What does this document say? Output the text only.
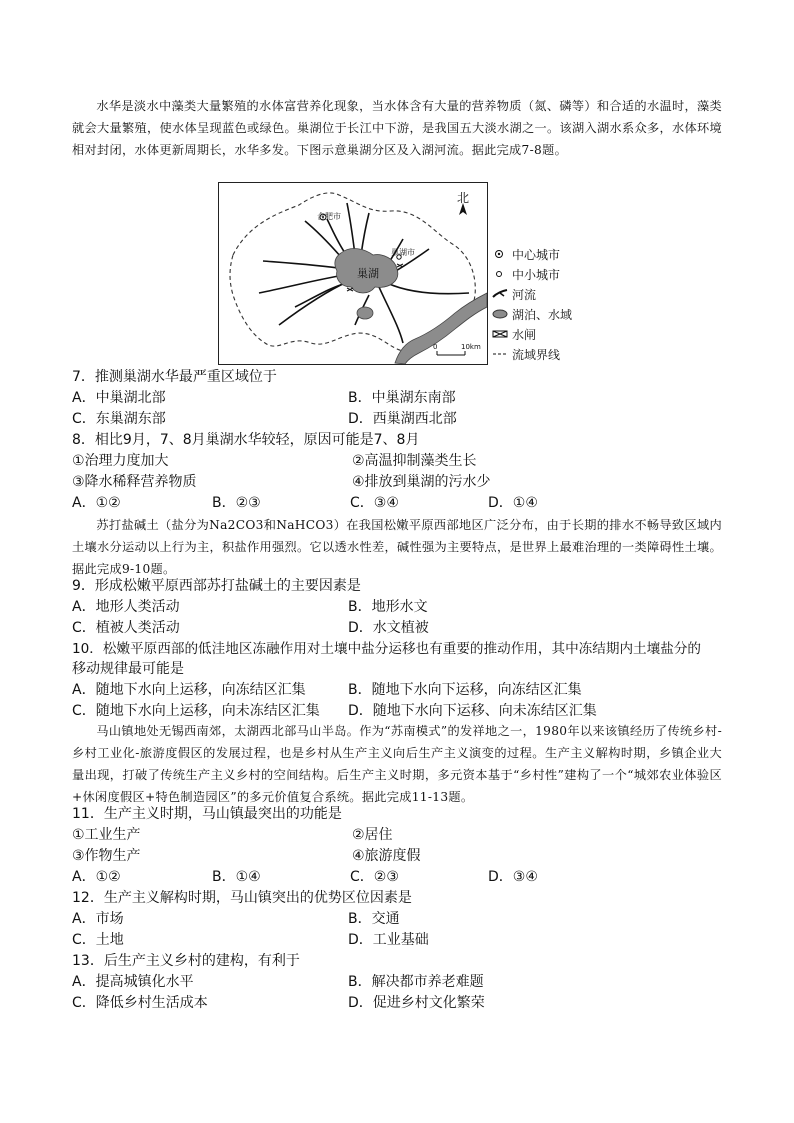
水华是淡水中藻类大量繁殖的水体富营养化现象，当水体含有大量的营养物质（氮、磷等）和合适的水温时，藻类就会大量繁殖，使水体呈现蓝色或绿色。巢湖位于长江中下游，是我国五大淡水湖之一。该湖入湖水系众多，水体环境相对封闭，水体更新周期长，水华多发。下图示意巢湖分区及入湖河流。据此完成7-8题。
北
合肥市
巢湖市
巢湖
0	10km
中心城市
中小城市
河流
湖泊、水域
水闸
流域界线
7．推测巢湖水华最严重区域位于
A．中巢湖北部	B．中巢湖东南部
C．东巢湖东部	D．西巢湖西北部
8．相比9月，7、8月巢湖水华较轻，原因可能是7、8月
①治理力度加大	②高温抑制藻类生长
③降水稀释营养物质	④排放到巢湖的污水少
A．①②	B．②③	C．③④	D．①④
苏打盐碱土（盐分为Na2CO3和NaHCO3）在我国松嫩平原西部地区广泛分布，由于长期的排水不畅导致区域内土壤水分运动以上行为主，积盐作用强烈。它以透水性差，碱性强为主要特点，是世界上最难治理的一类障碍性土壤。据此完成9-10题。
9．形成松嫩平原西部苏打盐碱土的主要因素是
A．地形人类活动	B．地形水文
C．植被人类活动	D．水文植被
10．松嫩平原西部的低洼地区冻融作用对土壤中盐分运移也有重要的推动作用，其中冻结期内土壤盐分的
移动规律最可能是
A．随地下水向上运移，向冻结区汇集	B．随地下水向下运移，向冻结区汇集
C．随地下水向上运移，向未冻结区汇集 D．随地下水向下运移、向未冻结区汇集
马山镇地处无锡西南郊，太湖西北部马山半岛。作为“苏南模式”的发祥地之一，1980年以来该镇经历了传统乡村-乡村工业化-旅游度假区的发展过程，也是乡村从生产主义向后生产主义演变的过程。生产主义解构时期，乡镇企业大量出现，打破了传统生产主义乡村的空间结构。后生产主义时期，多元资本基于“乡村性”建构了一个“城郊农业体验区+休闲度假区+特色制造园区”的多元价值复合系统。据此完成11-13题。
11．生产主义时期，马山镇最突出的功能是
①工业生产	②居住
③作物生产	④旅游度假
A．①②	B．①④	C．②③	D．③④
12．生产主义解构时期，马山镇突出的优势区位因素是
A．市场	B．交通
C．土地	D．工业基础
13．后生产主义乡村的建构，有利于
A．提高城镇化水平	B．解决都市养老难题
C．降低乡村生活成本	D．促进乡村文化繁荣
